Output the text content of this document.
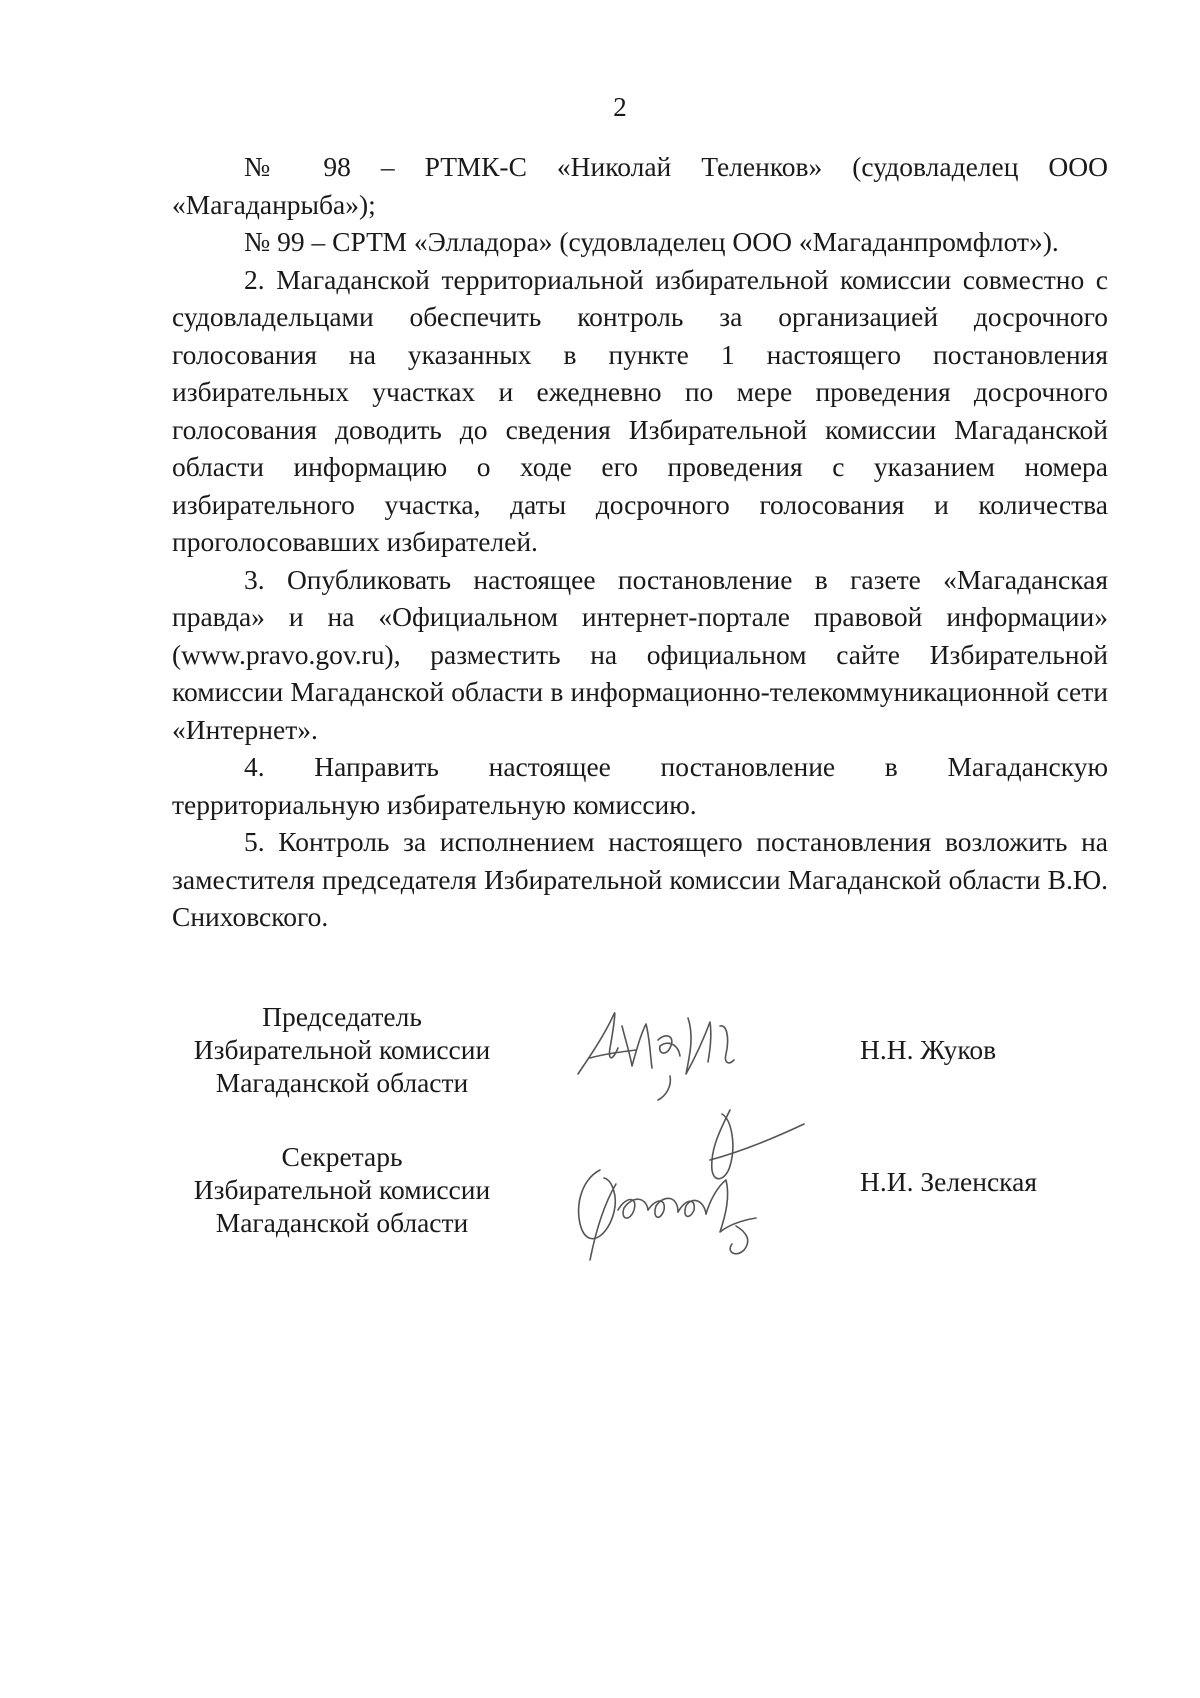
2

№ 98 – РТМК-С «Николай Теленков» (судовладелец ООО «Магаданрыба»);

№ 99 – СРТМ «Элладора» (судовладелец ООО «Магаданпромфлот»).

2. Магаданской территориальной избирательной комиссии совместно с судовладельцами обеспечить контроль за организацией досрочного голосования на указанных в пункте 1 настоящего постановления избирательных участках и ежедневно по мере проведения досрочного голосования доводить до сведения Избирательной комиссии Магаданской области информацию о ходе его проведения с указанием номера избирательного участка, даты досрочного голосования и количества проголосовавших избирателей.

3. Опубликовать настоящее постановление в газете «Магаданская правда» и на «Официальном интернет-портале правовой информации» (www.pravo.gov.ru), разместить на официальном сайте Избирательной комиссии Магаданской области в информационно-телекоммуникационной сети «Интернет».

4. Направить настоящее постановление в Магаданскую территориальную избирательную комиссию.

5. Контроль за исполнением настоящего постановления возложить на заместителя председателя Избирательной комиссии Магаданской области В.Ю. Сниховского.

Председатель
Избирательной комиссии
Магаданской области
Н.Н. Жуков
Секретарь
Избирательной комиссии
Магаданской области
Н.И. Зеленская
